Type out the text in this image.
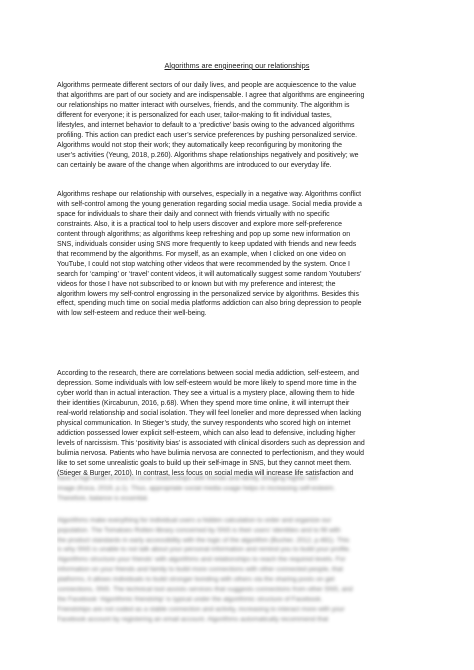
Algorithms are engineering our relationships

Algorithms permeate different sectors of our daily lives, and people are acquiescence to the value
that algorithms are part of our society and are indispensable. I agree that algorithms are engineering
our relationships no matter interact with ourselves, friends, and the community. The algorithm is
different for everyone; it is personalized for each user, tailor-making to fit individual tastes,
lifestyles, and internet behavior to default to a ‘predictive’ basis owing to the advanced algorithms
profiling. This action can predict each user’s service preferences by pushing personalized service.
Algorithms would not stop their work; they automatically keep reconfiguring by monitoring the
user’s activities (Yeung, 2018, p.260). Algorithms shape relationships negatively and positively; we
can certainly be aware of the change when algorithms are introduced to our everyday life.

Algorithms reshape our relationship with ourselves, especially in a negative way. Algorithms conflict
with self-control among the young generation regarding social media usage. Social media provide a
space for individuals to share their daily and connect with friends virtually with no specific
constraints. Also, it is a practical tool to help users discover and explore more self-preference
content through algorithms; as algorithms keep refreshing and pop up some new information on
SNS, individuals consider using SNS more frequently to keep updated with friends and new feeds
that recommend by the algorithms. For myself, as an example, when I clicked on one video on
YouTube, I could not stop watching other videos that were recommended by the system. Once I
search for ‘camping’ or ‘travel’ content videos, it will automatically suggest some random Youtubers’
videos for those I have not subscribed to or known but with my preference and interest; the
algorithm lowers my self-control engrossing in the personalized service by algorithms. Besides this
effect, spending much time on social media platforms addiction can also bring depression to people
with low self-esteem and reduce their well-being.

According to the research, there are correlations between social media addiction, self-esteem, and
depression. Some individuals with low self-esteem would be more likely to spend more time in the
cyber world than in actual interaction. They see a virtual is a mystery place, allowing them to hide
their identities (Kircaburun, 2016, p.68). When they spend more time online, it will interrupt their
real-world relationship and social isolation. They will feel lonelier and more depressed when lacking
physical communication. In Stieger’s study, the survey respondents who scored high on internet
addiction possessed lower explicit self-esteem, which can also lead to defensive, including higher
levels of narcissism. This ‘positivity bias’ is associated with clinical disorders such as depression and
bulimia nervosa. Patients who have bulimia nervosa are connected to perfectionism, and they would
like to set some unrealistic goals to build up their self-image in SNS, but they cannot meet them.
(Stieger & Burger, 2010). In contrast, less focus on social media will increase life satisfaction and

have a high level of trust in close relationships with friends and family, bringing higher self-
image (Koca, 2019, p.1). Thus, appropriate social media usage helps in increasing self-esteem.
Therefore, balance is essential.
Algorithms make everything for individual users a hidden calculation to order and organize our
population. The Tomatoes Rotten library concerned by SNS is their users’ identities and to fill with
the product standards in early accessibility with the logic of the algorithm (Bucher, 2012, p.481). This
is why SNS is unable to not talk about your personal information and remind you to build your profile.
Algorithms structure your friends’ with algorithms and relationships to reach the required levels. For
information on your friends and family to build more connections with other connected people, that
platforms, it allows individuals to build stronger bonding with others via the sharing posts on get
connections, SNS. The technical tool assists services that suggests connections from other SNS, and
the Facebook ‘Algorithmic friendship’ is typical under the algorithmic structure of Facebook.
Friendships are not coded as a stable connection and activity, increasing to interact more with your
Facebook account by registering an email account. Algorithms automatically recommend that
